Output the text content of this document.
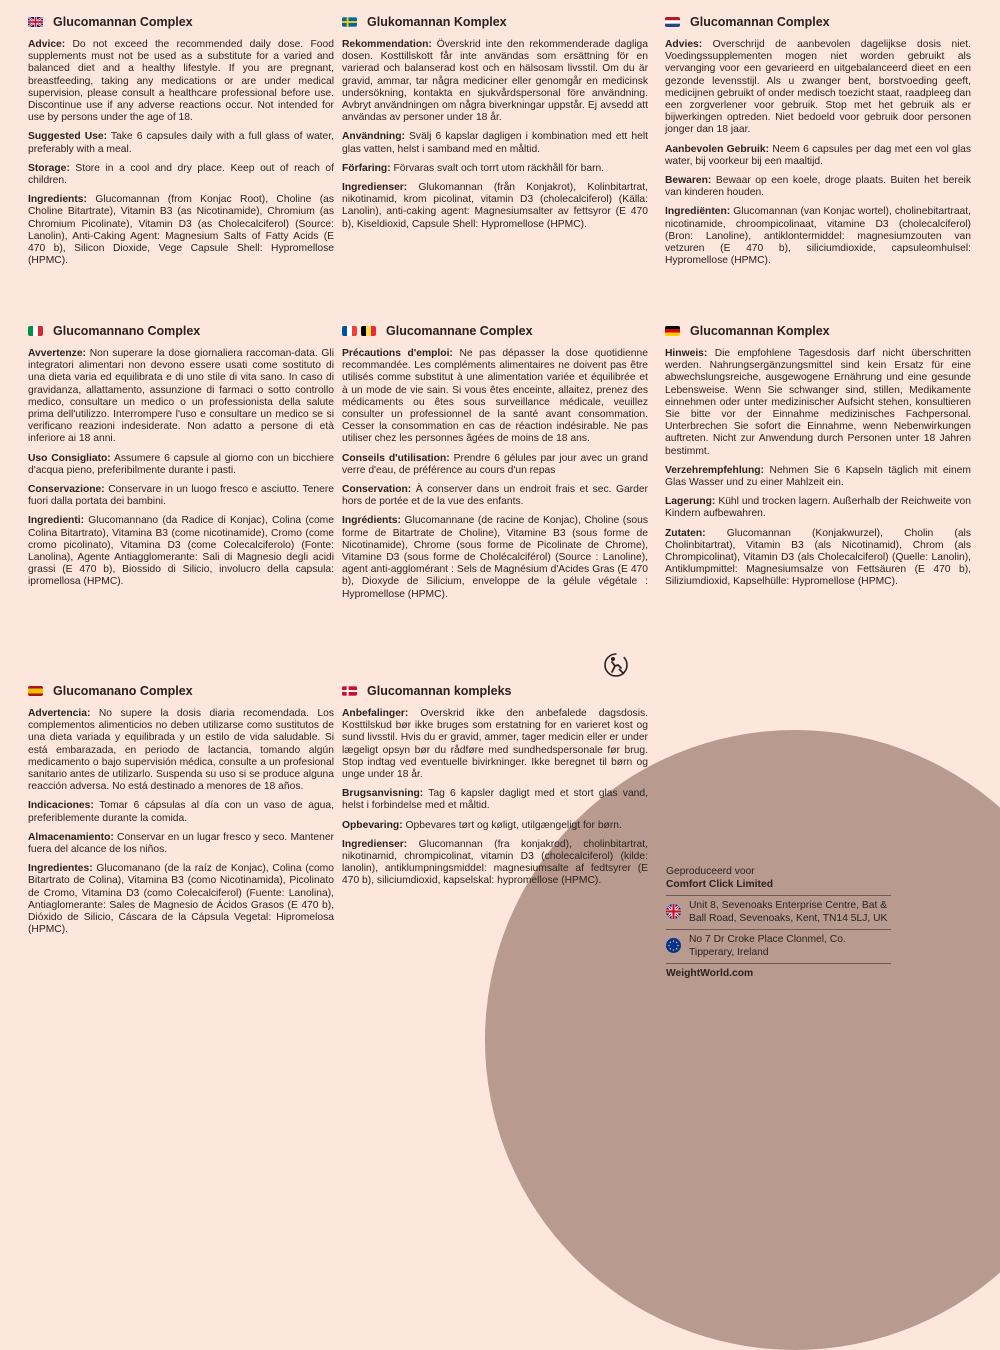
Glucomannan Complex

Advice: Do not exceed the recommended daily dose. Food supplements must not be used as a substitute for a varied and balanced diet and a healthy lifestyle. If you are pregnant, breastfeeding, taking any medications or are under medical supervision, please consult a healthcare professional before use. Discontinue use if any adverse reactions occur. Not intended for use by persons under the age of 18.

Suggested Use: Take 6 capsules daily with a full glass of water, preferably with a meal.

Storage: Store in a cool and dry place. Keep out of reach of children.

Ingredients: Glucomannan (from Konjac Root), Choline (as Choline Bitartrate), Vitamin B3 (as Nicotinamide), Chromium (as Chromium Picolinate), Vitamin D3 (as Cholecalciferol) (Source: Lanolin), Anti-Caking Agent: Magnesium Salts of Fatty Acids (E 470 b), Silicon Dioxide, Vege Capsule Shell: Hypromellose (HPMC).

Glukomannan Komplex

Rekommendation: Överskrid inte den rekommenderade dagliga dosen. Kosttillskott får inte användas som ersättning för en varierad och balanserad kost och en hälsosam livsstil. Om du är gravid, ammar, tar några mediciner eller genomgår en medicinsk undersökning, kontakta en sjukvårdspersonal före användning. Avbryt användningen om några biverkningar uppstår. Ej avsedd att användas av personer under 18 år.

Användning: Svälj 6 kapslar dagligen i kombination med ett helt glas vatten, helst i samband med en måltid.

Förfaring: Förvaras svalt och torrt utom räckhåll för barn.

Ingredienser: Glukomannan (från Konjakrot), Kolinbitartrat, nikotinamid, krom picolinat, vitamin D3 (cholecalciferol) (Källa: Lanolin), anti-caking agent: Magnesiumsalter av fettsyror (E 470 b), Kiseldioxid, Capsule Shell: Hypromellose (HPMC).

Glucomannan Complex

Advies: Overschrijd de aanbevolen dagelijkse dosis niet. Voedingssupplementen mogen niet worden gebruikt als vervanging voor een gevarieerd en uitgebalanceerd dieet en een gezonde levensstijl. Als u zwanger bent, borstvoeding geeft, medicijnen gebruikt of onder medisch toezicht staat, raadpleeg dan een zorgverlener voor gebruik. Stop met het gebruik als er bijwerkingen optreden. Niet bedoeld voor gebruik door personen jonger dan 18 jaar.

Aanbevolen Gebruik: Neem 6 capsules per dag met een vol glas water, bij voorkeur bij een maaltijd.

Bewaren: Bewaar op een koele, droge plaats. Buiten het bereik van kinderen houden.

Ingrediënten: Glucomannan (van Konjac wortel), cholinebitartraat, nicotinamide, chroompicolinaat, vitamine D3 (cholecalciferol) (Bron: Lanoline), antiklontermiddel: magnesiumzouten van vetzuren (E 470 b), siliciumdioxide, capsuleomhulsel: Hypromellose (HPMC).

Glucomannano Complex

Avvertenze: Non superare la dose giornaliera raccoman-data. Gli integratori alimentari non devono essere usati come sostituto di una dieta varia ed equilibrata e di uno stile di vita sano. In caso di gravidanza, allattamento, assunzione di farmaci o sotto controllo medico, consultare un medico o un professionista della salute prima dell'utilizzo. Interrompere l'uso e consultare un medico se si verificano reazioni indesiderate. Non adatto a persone di età inferiore ai 18 anni.

Uso Consigliato: Assumere 6 capsule al giorno con un bicchiere d'acqua pieno, preferibilmente durante i pasti.

Conservazione: Conservare in un luogo fresco e asciutto. Tenere fuori dalla portata dei bambini.

Ingredienti: Glucomannano (da Radice di Konjac), Colina (come Colina Bitartrato), Vitamina B3 (come nicotinamide), Cromo (come cromo picolinato), Vitamina D3 (come Colecalciferolo) (Fonte: Lanolina), Agente Antiagglomerante: Sali di Magnesio degli acidi grassi (E 470 b), Biossido di Silicio, involucro della capsula: ipromellosa (HPMC).

Glucomannane Complex

Précautions d'emploi: Ne pas dépasser la dose quotidienne recommandée. Les compléments alimentaires ne doivent pas être utilisés comme substitut à une alimentation variée et équilibrée et à un mode de vie sain. Si vous êtes enceinte, allaitez, prenez des médicaments ou êtes sous surveillance médicale, veuillez consulter un professionnel de la santé avant consommation. Cesser la consommation en cas de réaction indésirable. Ne pas utiliser chez les personnes âgées de moins de 18 ans.

Conseils d'utilisation: Prendre 6 gélules par jour avec un grand verre d'eau, de préférence au cours d'un repas

Conservation: À conserver dans un endroit frais et sec. Garder hors de portée et de la vue des enfants.

Ingrédients: Glucomannane (de racine de Konjac), Choline (sous forme de Bitartrate de Choline), Vitamine B3 (sous forme de Nicotinamide), Chrome (sous forme de Picolinate de Chrome), Vitamine D3 (sous forme de Cholécalciférol) (Source : Lanoline), agent anti-agglomérant : Sels de Magnésium d'Acides Gras (E 470 b), Dioxyde de Silicium, enveloppe de la gélule végétale : Hypromellose (HPMC).

Glucomannan Komplex

Hinweis: Die empfohlene Tagesdosis darf nicht überschritten werden. Nahrungsergänzungsmittel sind kein Ersatz für eine abwechslungsreiche, ausgewogene Ernährung und eine gesunde Lebensweise. Wenn Sie schwanger sind, stillen, Medikamente einnehmen oder unter medizinischer Aufsicht stehen, konsultieren Sie bitte vor der Einnahme medizinisches Fachpersonal. Unterbrechen Sie sofort die Einnahme, wenn Nebenwirkungen auftreten. Nicht zur Anwendung durch Personen unter 18 Jahren bestimmt.

Verzehrempfehlung: Nehmen Sie 6 Kapseln täglich mit einem Glas Wasser und zu einer Mahlzeit ein.

Lagerung: Kühl und trocken lagern. Außerhalb der Reichweite von Kindern aufbewahren.

Zutaten: Glucomannan (Konjakwurzel), Cholin (als Cholinbitartrat), Vitamin B3 (als Nicotinamid), Chrom (als Chrompicolinat), Vitamin D3 (als Cholecalciferol) (Quelle: Lanolin), Antiklumpmittel: Magnesiumsalze von Fettsäuren (E 470 b), Siliziumdioxid, Kapselhülle: Hypromellose (HPMC).

Glucomanano Complex

Advertencia: No supere la dosis diaria recomendada. Los complementos alimenticios no deben utilizarse como sustitutos de una dieta variada y equilibrada y un estilo de vida saludable. Si está embarazada, en periodo de lactancia, tomando algún medicamento o bajo supervisión médica, consulte a un profesional sanitario antes de utilizarlo. Suspenda su uso si se produce alguna reacción adversa. No está destinado a menores de 18 años.

Indicaciones: Tomar 6 cápsulas al día con un vaso de agua, preferiblemente durante la comida.

Almacenamiento: Conservar en un lugar fresco y seco. Mantener fuera del alcance de los niños.

Ingredientes: Glucomanano (de la raíz de Konjac), Colina (como Bitartrato de Colina), Vitamina B3 (como Nicotinamida), Picolinato de Cromo, Vitamina D3 (como Colecalciferol) (Fuente: Lanolina), Antiaglomerante: Sales de Magnesio de Ácidos Grasos (E 470 b), Dióxido de Silicio, Cáscara de la Cápsula Vegetal: Hipromelosa (HPMC).

Glucomannan kompleks

Anbefalinger: Overskrid ikke den anbefalede dagsdosis. Kosttilskud bør ikke bruges som erstatning for en varieret kost og sund livsstil. Hvis du er gravid, ammer, tager medicin eller er under lægeligt opsyn bør du rådføre med sundhedspersonale før brug. Stop indtag ved eventuelle bivirkninger. Ikke beregnet til børn og unge under 18 år.

Brugsanvisning: Tag 6 kapsler dagligt med et stort glas vand, helst i forbindelse med et måltid.

Opbevaring: Opbevares tørt og køligt, utilgængeligt for børn.

Ingredienser: Glucomannan (fra konjakrod), cholinbitartrat, nikotinamid, chrompicolinat, vitamin D3 (cholecalciferol) (kilde: lanolin), antiklumpningsmiddel: magnesiumsalte af fedtsyrer (E 470 b), siliciumdioxid, kapselskal: hypromellose (HPMC).

Geproduceerd voor
Comfort Click Limited
Unit 8, Sevenoaks Enterprise Centre, Bat & Ball Road, Sevenoaks, Kent, TN14 5LJ, UK
No 7 Dr Croke Place Clonmel, Co. Tipperary, Ireland
WeightWorld.com
